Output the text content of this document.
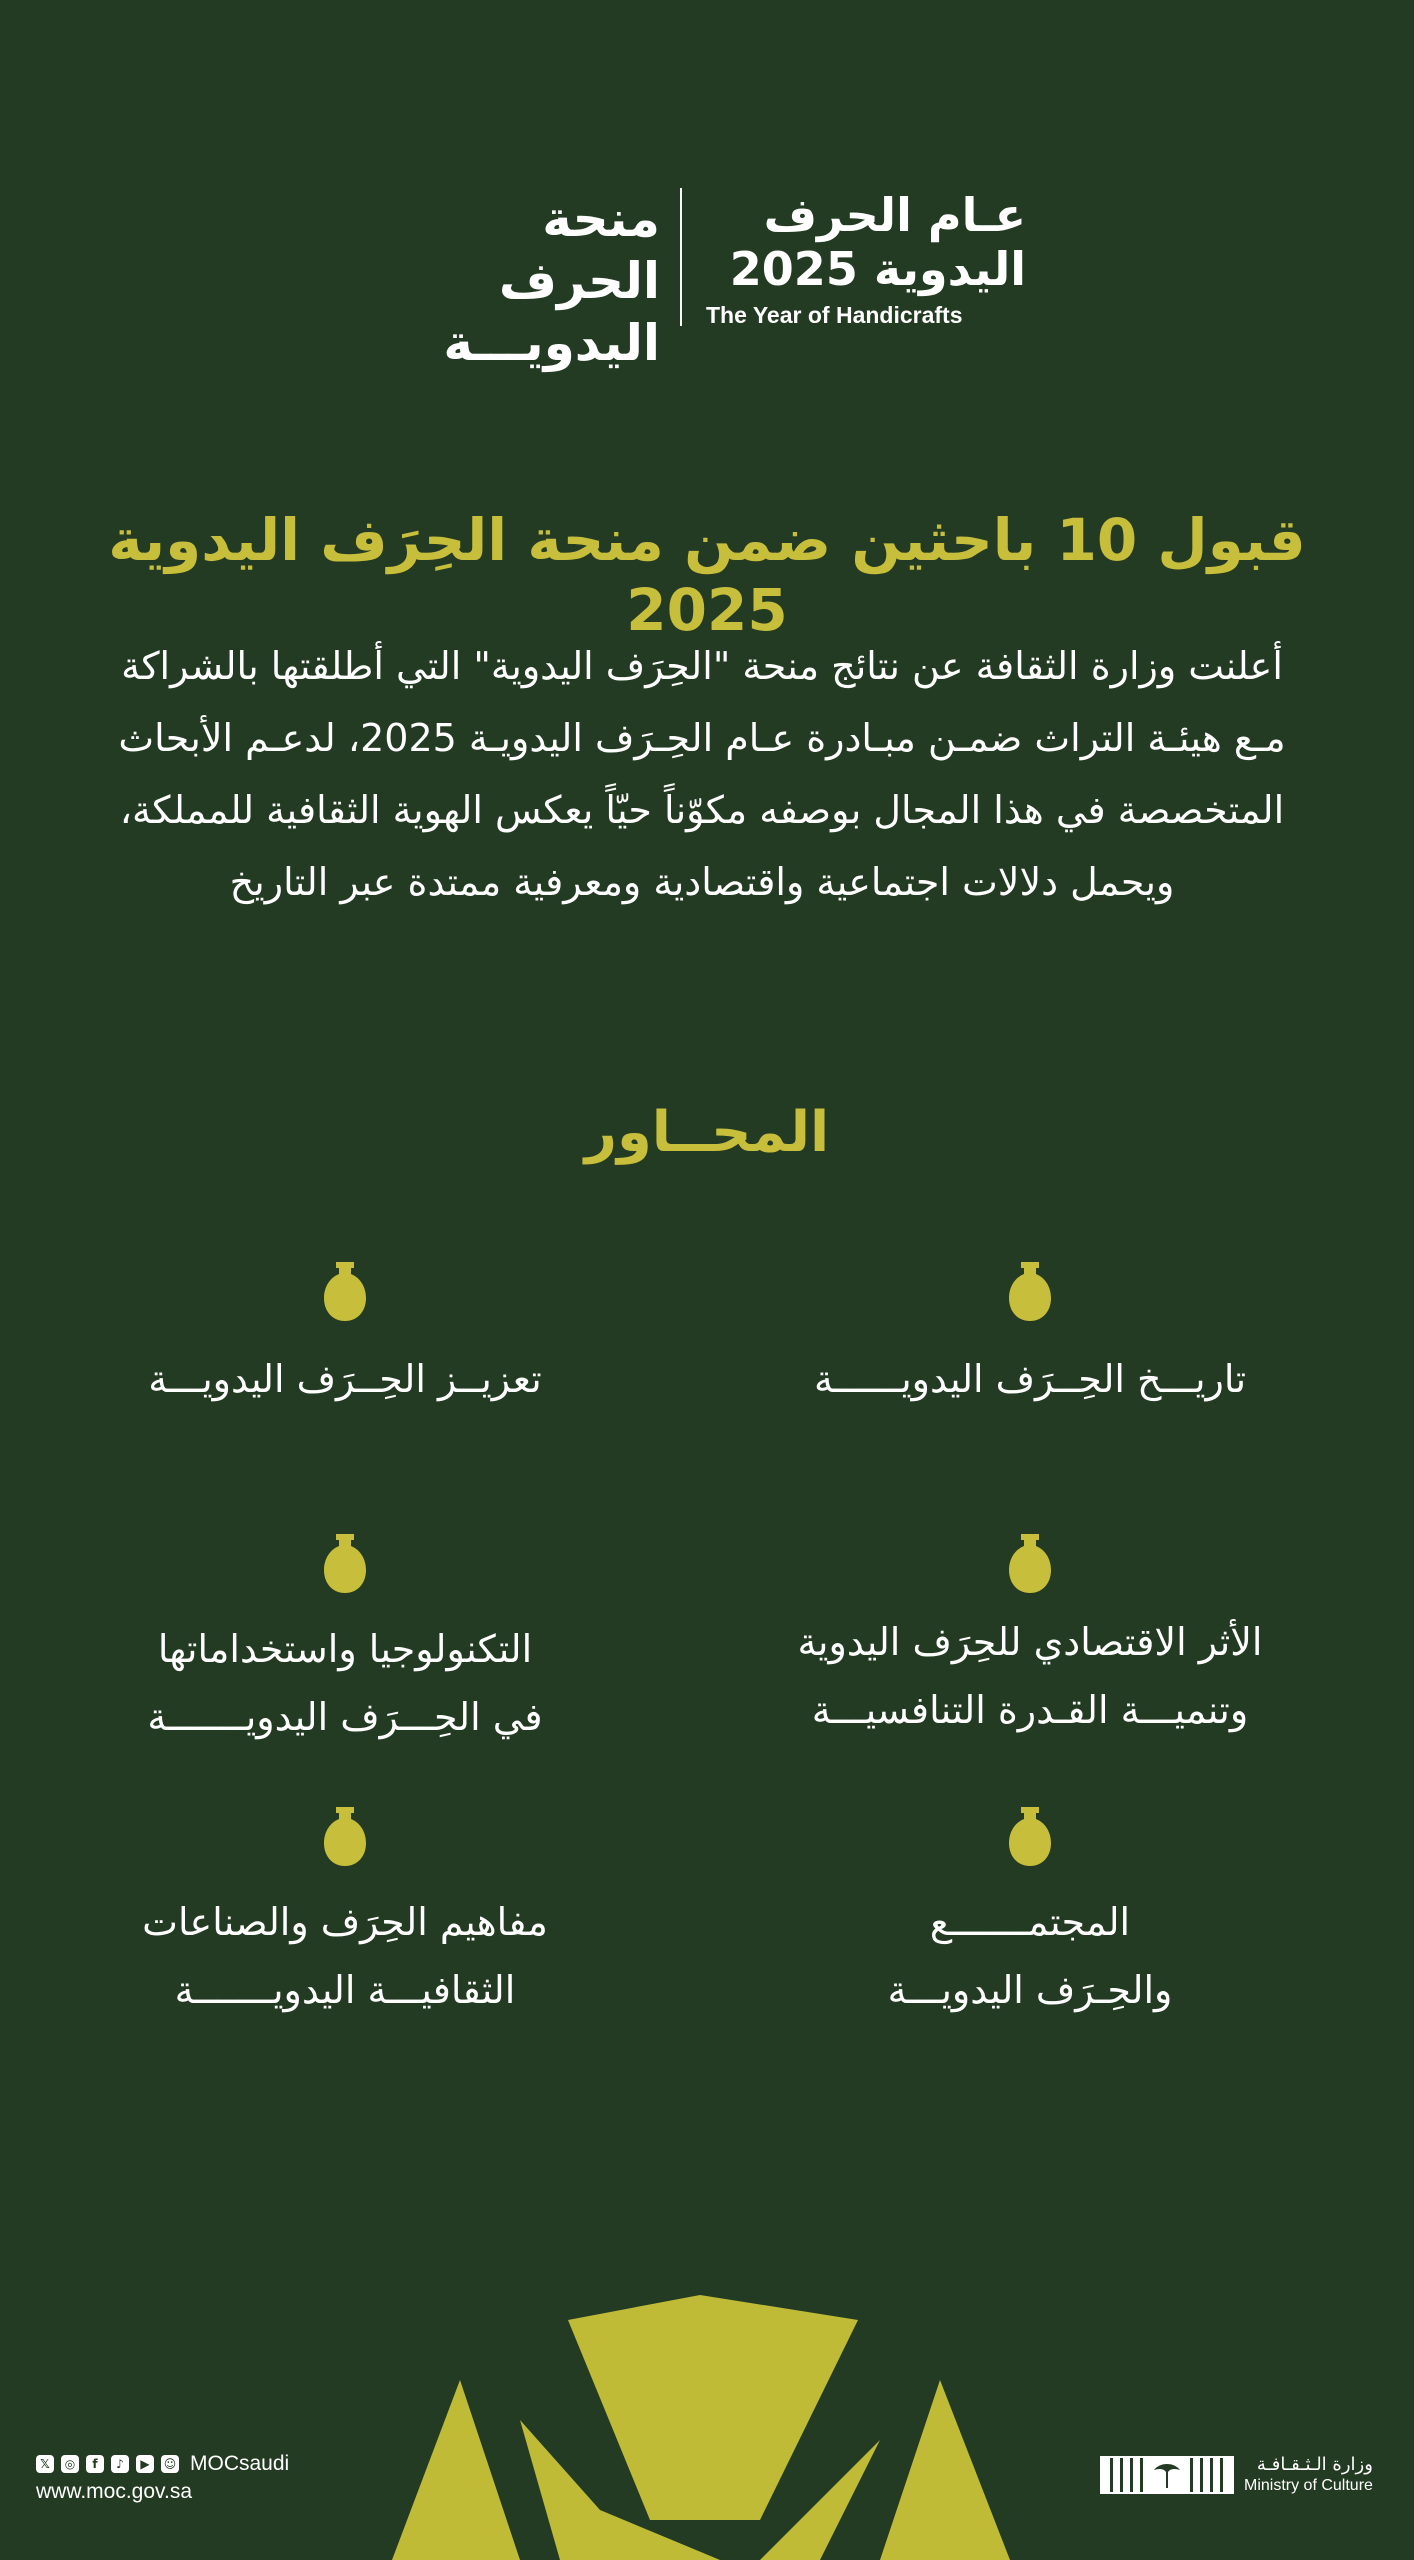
منحة الحرف
اليدويـــة
عـام الحرف
اليدوية 2025
The Year of Handicrafts
قبول 10 باحثين ضمن منحة الحِرَف اليدوية 2025
أعلنت وزارة الثقافة عن نتائج منحة "الحِرَف اليدوية" التي أطلقتها بالشراكة
مـع هيئـة التراث ضمـن مبـادرة عـام الحِـرَف اليدويـة 2025، لدعـم الأبحاث
المتخصصة في هذا المجال بوصفه مكوّناً حيّاً يعكس الهوية الثقافية للمملكة،
ويحمل دلالات اجتماعية واقتصادية ومعرفية ممتدة عبر التاريخ
المحــاور
تاريـــخ الحِــرَف اليدويــــــة
الأثر الاقتصادي للحِرَف اليدوية
وتنميـــة القـدرة التنافسيـــة
المجتمـــــــع
والحِـرَف اليدويـــة
تعزيــز الحِــرَف اليدويـــة
التكنولوجيا واستخداماتها
في الحِـــرَف اليدويـــــــة
مفاهيم الحِرَف والصناعات
الثقافيـــة اليدويـــــــة
𝕏	◎	f	♪	▶	☺ MOCsaudi
www.moc.gov.sa
وزارة الـثـقـافـة
Ministry of Culture
